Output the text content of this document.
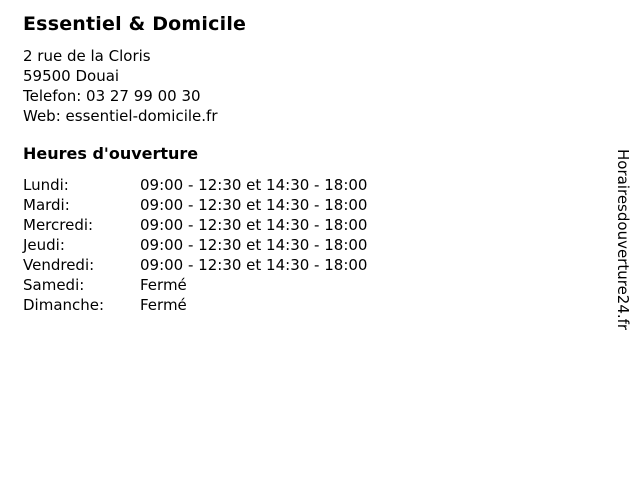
Essentiel & Domicile
2 rue de la Cloris
59500 Douai
Telefon: 03 27 99 00 30
Web: essentiel-domicile.fr
Heures d'ouverture
Lundi:	09:00 - 12:30 et 14:30 - 18:00
Mardi:	09:00 - 12:30 et 14:30 - 18:00
Mercredi:	09:00 - 12:30 et 14:30 - 18:00
Jeudi:	09:00 - 12:30 et 14:30 - 18:00
Vendredi:	09:00 - 12:30 et 14:30 - 18:00
Samedi:	Fermé
Dimanche:	Fermé	Horairesdouverture24.fr
